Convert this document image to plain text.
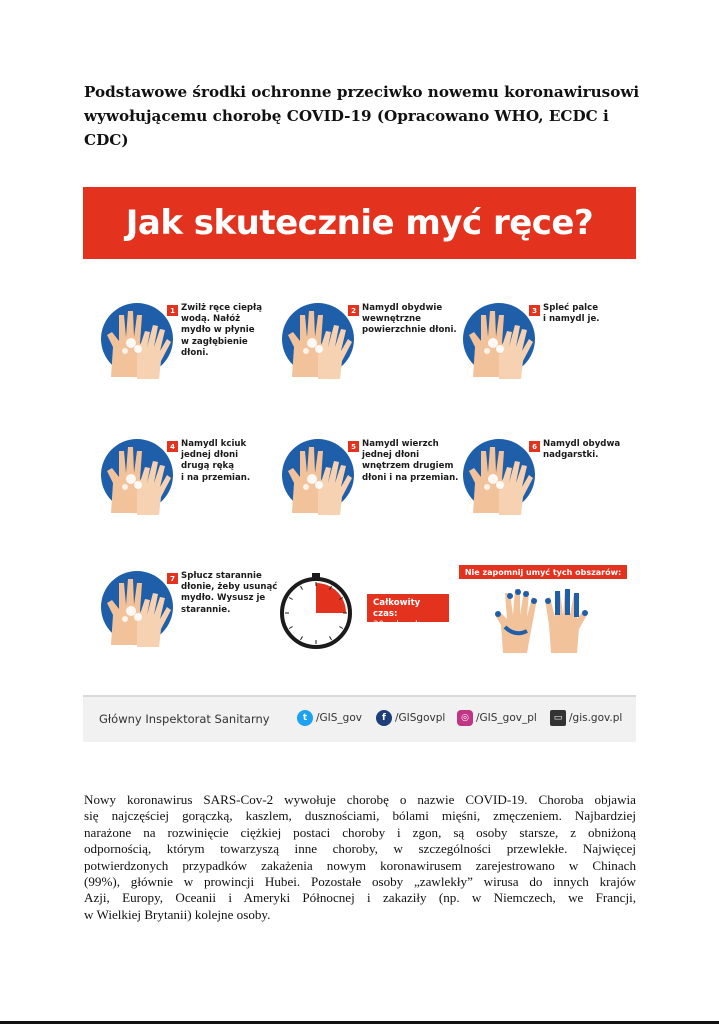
Podstawowe środki ochronne przeciwko nowemu koronawirusowi
wywołującemu chorobę COVID-19 (Opracowano WHO, ECDC i CDC)
Jak skutecznie myć ręce?
1 Zwilż ręce ciepłą
wodą. Nałóż
mydło w płynie
w zagłębienie
dłoni.
2 Namydl obydwie
wewnętrzne
powierzchnie dłoni.
3 Spleć palce
i namydl je.
4 Namydl kciuk
jednej dłoni
drugą ręką
i na przemian.
5 Namydl wierzch
jednej dłoni
wnętrzem drugiem
dłoni i na przemian.
6 Namydl obydwa
nadgarstki.
7 Spłucz starannie
dłonie, żeby usunąć
mydło. Wysusz je
starannie.
Całkowity czas:
30 sekund
Nie zapomnij umyć tych obszarów:
Główny Inspektorat Sanitarny	t /GIS_gov	f /GISgovpl	◎ /GIS_gov_pl	▭ /gis.gov.pl
Nowy koronawirus SARS-Cov-2 wywołuje chorobę o nazwie COVID-19. Choroba objawia
się najczęściej gorączką, kaszlem, dusznościami, bólami mięśni, zmęczeniem. Najbardziej
narażone na rozwinięcie ciężkiej postaci choroby i zgon, są osoby starsze, z obniżoną
odpornością, którym towarzyszą inne choroby, w szczególności przewlekłe. Najwięcej
potwierdzonych przypadków zakażenia nowym koronawirusem zarejestrowano w Chinach
(99%), głównie w prowincji Hubei. Pozostałe osoby „zawlekły” wirusa do innych krajów
Azji, Europy, Oceanii i Ameryki Północnej i zakaziły (np. w Niemczech, we Francji,
w Wielkiej Brytanii) kolejne osoby.
